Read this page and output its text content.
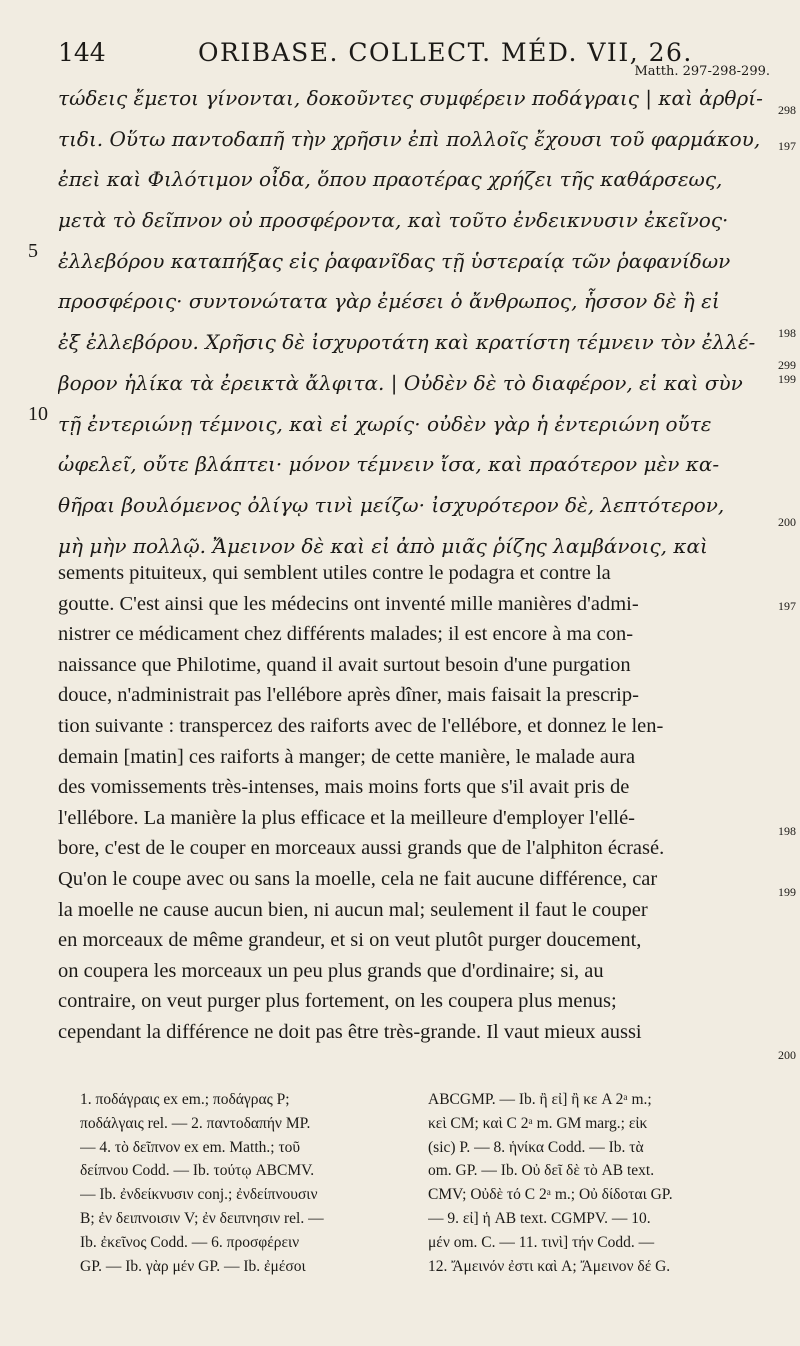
144	ORIBASE. COLLECT. MÉD. VII, 26.
Matth. 297-298-299.
τώδεις ἔμετοι γίνονται, δοκοῦντες συμφέρειν ποδάγραις | καὶ ἀρθρί-
τιδι. Οὕτω παντοδαπῆ τὴν χρῆσιν ἐπὶ πολλοῖς ἔχουσι τοῦ φαρμάκου,
ἐπεὶ καὶ Φιλότιμον οἶδα, ὅπου πραοτέρας χρήζει τῆς καθάρσεως,
μετὰ τὸ δεῖπνον οὐ προσφέροντα, καὶ τοῦτο ἐνδεικνυσιν ἐκεῖνος·
ἐλλεβόρου καταπήξας εἰς ῥαφανῖδας τῇ ὑστεραίᾳ τῶν ῥαφανίδων
προσφέροις· συντονώτατα γὰρ ἐμέσει ὁ ἄνθρωπος, ἧσσον δὲ ἢ εἰ
ἐξ ἐλλεβόρου. Χρῆσις δὲ ἰσχυροτάτη καὶ κρατίστη τέμνειν τὸν ἐλλέ-
βορον ἡλίκα τὰ ἐρεικτὰ ἄλφιτα. | Οὐδὲν δὲ τὸ διαφέρον, εἰ καὶ σὺν
τῇ ἐντεριώνῃ τέμνοις, καὶ εἰ χωρίς· οὐδὲν γὰρ ἡ ἐντεριώνη οὔτε
ὠφελεῖ, οὔτε βλάπτει· μόνον τέμνειν ἴσα, καὶ πραότερον μὲν κα-
θῆραι βουλόμενος ὀλίγῳ τινὶ μείζω· ἰσχυρότερον δὲ, λεπτότερον,
μὴ μὴν πολλῷ. Ἄμεινον δὲ καὶ εἰ ἀπὸ μιᾶς ῥίζης λαμβάνοις, καὶ
5
10
298
197
198
299
199
200
sements pituiteux, qui semblent utiles contre le podagra et contre la
goutte. C'est ainsi que les médecins ont inventé mille manières d'admi-
nistrer ce médicament chez différents malades; il est encore à ma con-
naissance que Philotime, quand il avait surtout besoin d'une purgation
douce, n'administrait pas l'ellébore après dîner, mais faisait la prescrip-
tion suivante : transpercez des raiforts avec de l'ellébore, et donnez le len-
demain [matin] ces raiforts à manger; de cette manière, le malade aura
des vomissements très-intenses, mais moins forts que s'il avait pris de
l'ellébore. La manière la plus efficace et la meilleure d'employer l'ellé-
bore, c'est de le couper en morceaux aussi grands que de l'alphiton écrasé.
Qu'on le coupe avec ou sans la moelle, cela ne fait aucune différence, car
la moelle ne cause aucun bien, ni aucun mal; seulement il faut le couper
en morceaux de même grandeur, et si on veut plutôt purger doucement,
on coupera les morceaux un peu plus grands que d'ordinaire; si, au
contraire, on veut purger plus fortement, on les coupera plus menus;
cependant la différence ne doit pas être très-grande. Il vaut mieux aussi
197
198
199
200
1. ποδάγραις ex em.; ποδάγρας P;
ποδάλγαις rel. — 2. παντοδαπήν MP.
— 4. τὸ δεῖπνον ex em. Matth.; τοῦ
δείπνου Codd. — Ib. τούτῳ ABCMV.
— Ib. ἐνδείκνυσιν conj.; ἐνδείπνουσιν
B; ἐν δειπνοισιν V; ἐν δειπνησιν rel. —
Ib. ἐκεῖνος Codd. — 6. προσφέρειν
GP. — Ib. γὰρ μέν GP. — Ib. ἐμέσοι
ABCGMP. — Ib. ἢ εἰ] ἢ κε A 2ᵃ m.;
κεὶ CM; καὶ C 2ᵃ m. GM marg.; εἰκ
(sic) P. — 8. ἡνίκα Codd. — Ib. τὰ
om. GP. — Ib. Οὐ δεῖ δὲ τὸ AB text.
CMV; Οὐδὲ τό C 2ᵃ m.; Οὐ δίδοται GP.
— 9. εἰ] ἡ AB text. CGMPV. — 10.
μέν om. C. — 11. τινὶ] τήν Codd. —
12. Ἄμεινόν ἐστι καὶ A; Ἄμεινον δέ G.
